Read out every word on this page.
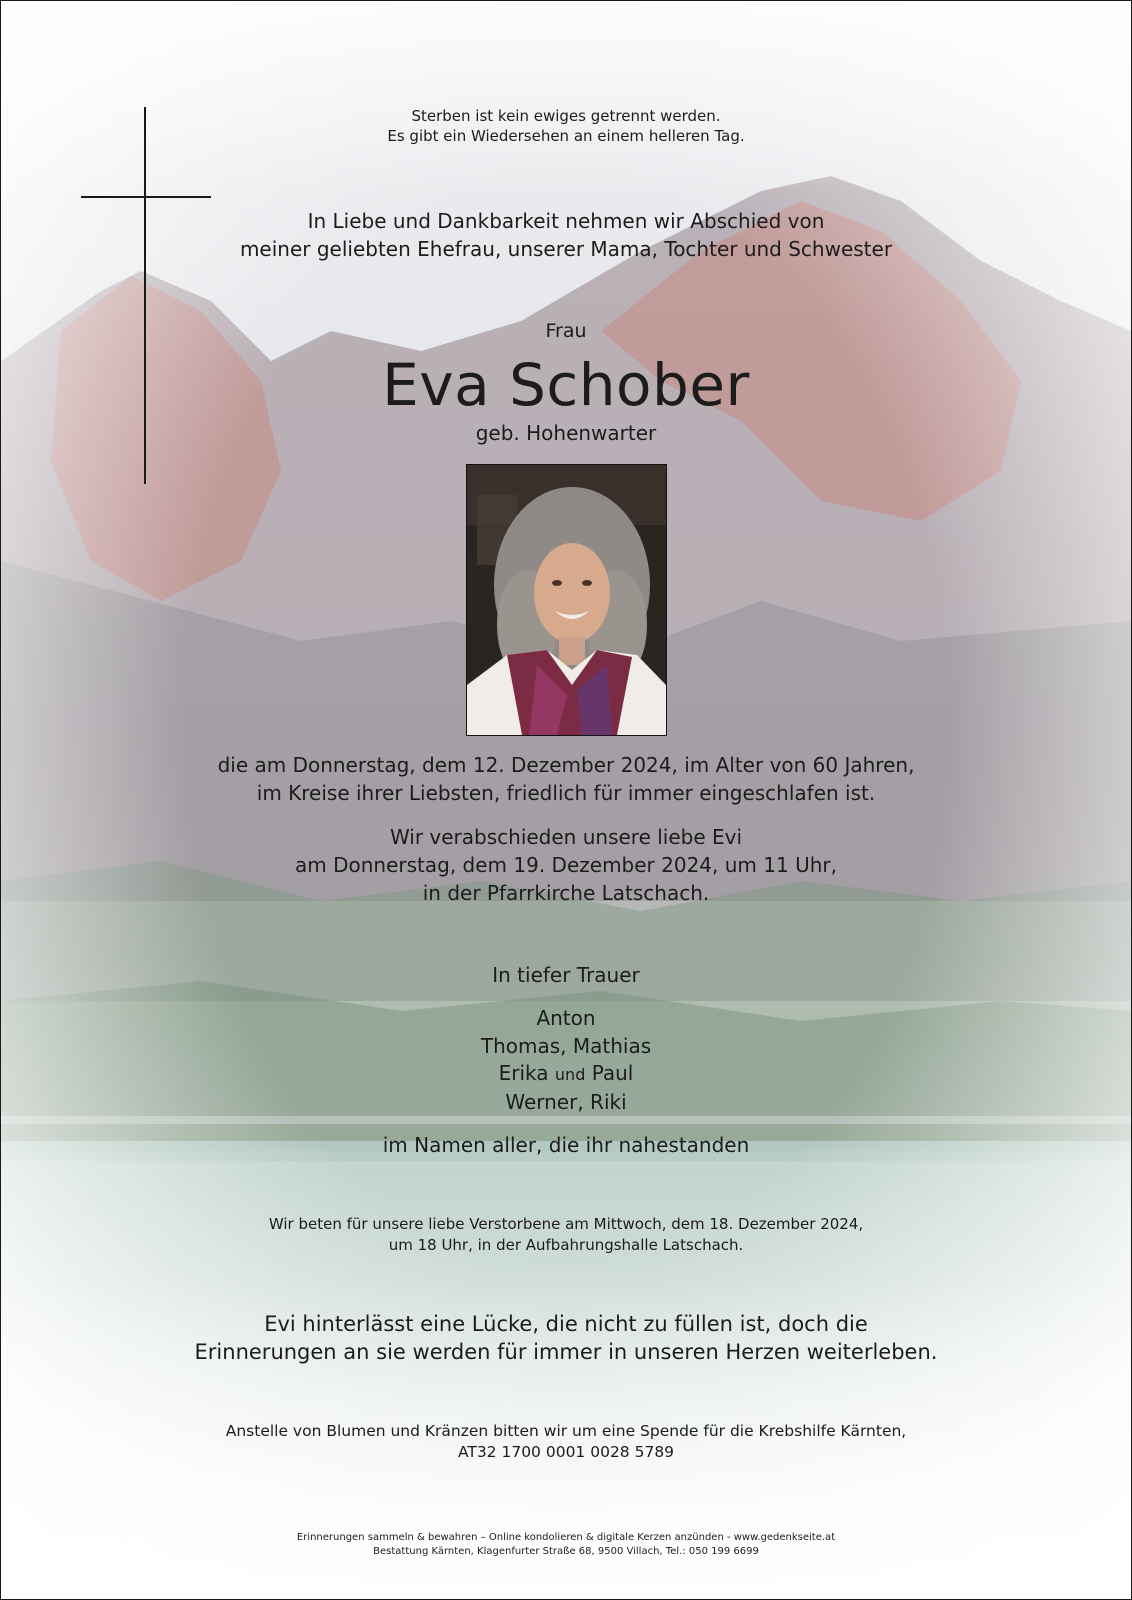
Sterben ist kein ewiges getrennt werden.
Es gibt ein Wiedersehen an einem helleren Tag.
In Liebe und Dankbarkeit nehmen wir Abschied von
meiner geliebten Ehefrau, unserer Mama, Tochter und Schwester
Frau
Eva Schober
geb. Hohenwarter
die am Donnerstag, dem 12. Dezember 2024, im Alter von 60 Jahren,
im Kreise ihrer Liebsten, friedlich für immer eingeschlafen ist.
Wir verabschieden unsere liebe Evi
am Donnerstag, dem 19. Dezember 2024, um 11 Uhr,
in der Pfarrkirche Latschach.
In tiefer Trauer
Anton
Thomas, Mathias
Erika und Paul
Werner, Riki
im Namen aller, die ihr nahestanden
Wir beten für unsere liebe Verstorbene am Mittwoch, dem 18. Dezember 2024,
um 18 Uhr, in der Aufbahrungshalle Latschach.
Evi hinterlässt eine Lücke, die nicht zu füllen ist, doch die
Erinnerungen an sie werden für immer in unseren Herzen weiterleben.
Anstelle von Blumen und Kränzen bitten wir um eine Spende für die Krebshilfe Kärnten,
AT32 1700 0001 0028 5789
Erinnerungen sammeln & bewahren – Online kondolieren & digitale Kerzen anzünden - www.gedenkseite.at
Bestattung Kärnten, Klagenfurter Straße 68, 9500 Villach, Tel.: 050 199 6699
